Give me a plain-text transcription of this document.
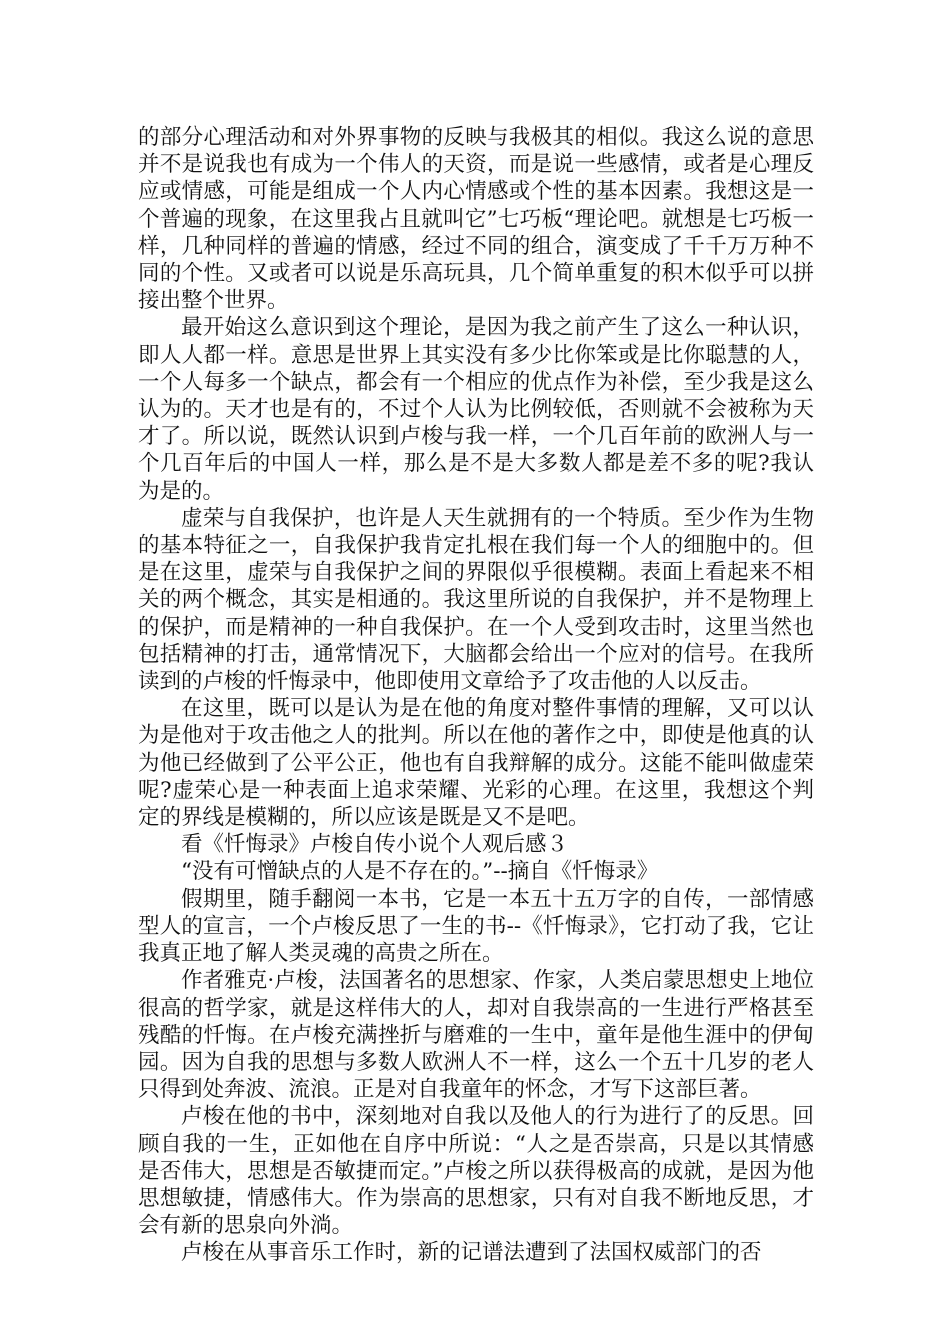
的部分心理活动和对外界事物的反映与我极其的相似。我这么说的意思并不是说我也有成为一个伟人的天资，而是说一些感情，或者是心理反应或情感，可能是组成一个人内心情感或个性的基本因素。我想这是一个普遍的现象，在这里我占且就叫它”七巧板“理论吧。就想是七巧板一样，几种同样的普遍的情感，经过不同的组合，演变成了千千万万种不同的个性。又或者可以说是乐高玩具，几个简单重复的积木似乎可以拼接出整个世界。

最开始这么意识到这个理论，是因为我之前产生了这么一种认识，即人人都一样。意思是世界上其实没有多少比你笨或是比你聪慧的人，一个人每多一个缺点，都会有一个相应的优点作为补偿，至少我是这么认为的。天才也是有的，不过个人认为比例较低，否则就不会被称为天才了。所以说，既然认识到卢梭与我一样，一个几百年前的欧洲人与一个几百年后的中国人一样，那么是不是大多数人都是差不多的呢?我认为是的。

虚荣与自我保护，也许是人天生就拥有的一个特质。至少作为生物的基本特征之一，自我保护我肯定扎根在我们每一个人的细胞中的。但是在这里，虚荣与自我保护之间的界限似乎很模糊。表面上看起来不相关的两个概念，其实是相通的。我这里所说的自我保护，并不是物理上的保护，而是精神的一种自我保护。在一个人受到攻击时，这里当然也包括精神的打击，通常情况下，大脑都会给出一个应对的信号。在我所读到的卢梭的忏悔录中，他即使用文章给予了攻击他的人以反击。

在这里，既可以是认为是在他的角度对整件事情的理解，又可以认为是他对于攻击他之人的批判。所以在他的著作之中，即使是他真的认为他已经做到了公平公正，他也有自我辩解的成分。这能不能叫做虚荣呢?虚荣心是一种表面上追求荣耀、光彩的心理。在这里，我想这个判定的界线是模糊的，所以应该是既是又不是吧。

看《忏悔录》卢梭自传小说个人观后感３

“没有可憎缺点的人是不存在的。”--摘自《忏悔录》

假期里，随手翻阅一本书，它是一本五十五万字的自传，一部情感型人的宣言，一个卢梭反思了一生的书--《忏悔录》，它打动了我，它让我真正地了解人类灵魂的高贵之所在。

作者雅克·卢梭，法国著名的思想家、作家，人类启蒙思想史上地位很高的哲学家，就是这样伟大的人，却对自我崇高的一生进行严格甚至残酷的忏悔。在卢梭充满挫折与磨难的一生中，童年是他生涯中的伊甸园。因为自我的思想与多数人欧洲人不一样，这么一个五十几岁的老人只得到处奔波、流浪。正是对自我童年的怀念，才写下这部巨著。

卢梭在他的书中，深刻地对自我以及他人的行为进行了的反思。回顾自我的一生，正如他在自序中所说：“人之是否崇高，只是以其情感是否伟大，思想是否敏捷而定。”卢梭之所以获得极高的成就，是因为他思想敏捷，情感伟大。作为崇高的思想家，只有对自我不断地反思，才会有新的思泉向外淌。

卢梭在从事音乐工作时，新的记谱法遭到了法国权威部门的否
